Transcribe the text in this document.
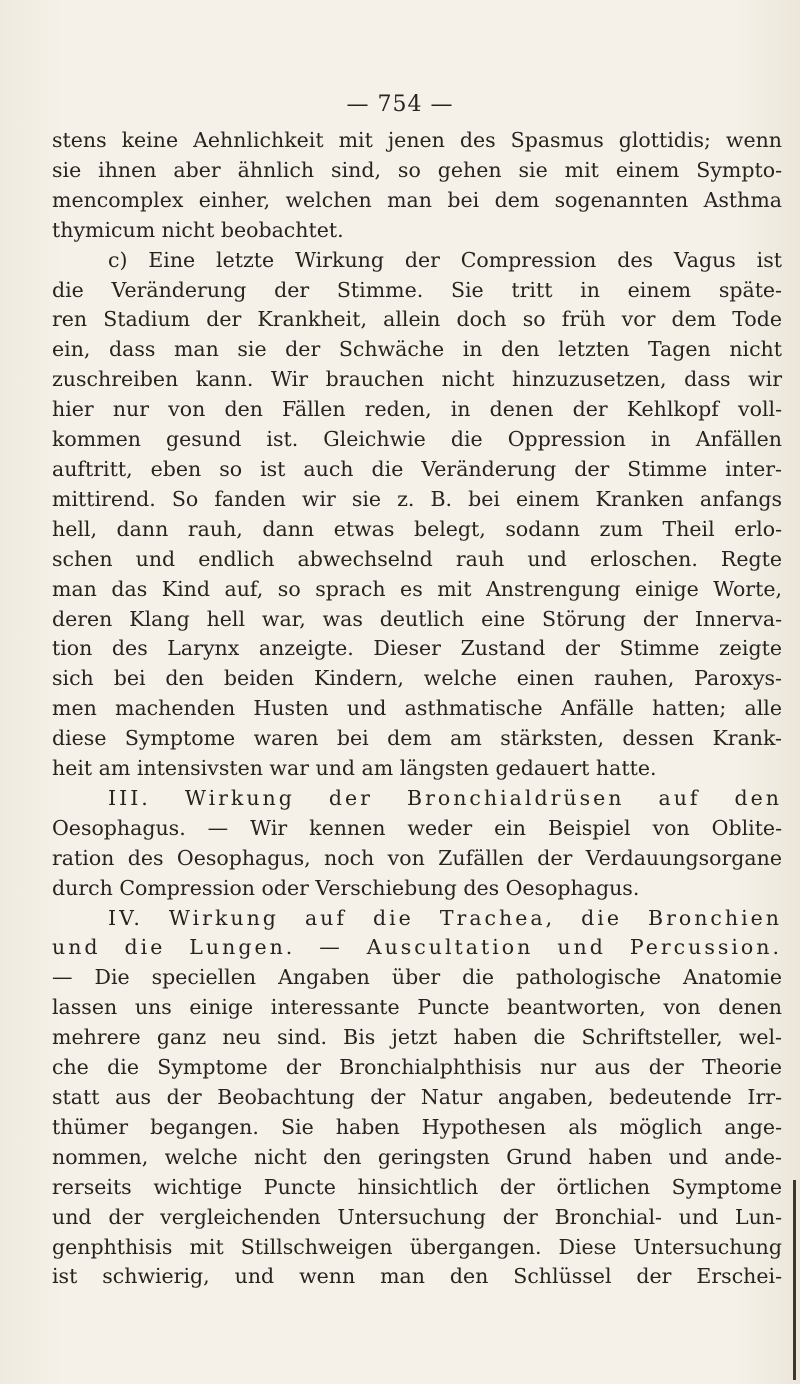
— 754 —
stens keine Aehnlichkeit mit jenen des Spasmus glottidis; wenn
sie ihnen aber ähnlich sind, so gehen sie mit einem Sympto-
mencomplex einher, welchen man bei dem sogenannten Asthma
thymicum nicht beobachtet.
c) Eine letzte Wirkung der Compression des Vagus ist
die Veränderung der Stimme. Sie tritt in einem späte-
ren Stadium der Krankheit, allein doch so früh vor dem Tode
ein, dass man sie der Schwäche in den letzten Tagen nicht
zuschreiben kann. Wir brauchen nicht hinzuzusetzen, dass wir
hier nur von den Fällen reden, in denen der Kehlkopf voll-
kommen gesund ist. Gleichwie die Oppression in Anfällen
auftritt, eben so ist auch die Veränderung der Stimme inter-
mittirend. So fanden wir sie z. B. bei einem Kranken anfangs
hell, dann rauh, dann etwas belegt, sodann zum Theil erlo-
schen und endlich abwechselnd rauh und erloschen. Regte
man das Kind auf, so sprach es mit Anstrengung einige Worte,
deren Klang hell war, was deutlich eine Störung der Innerva-
tion des Larynx anzeigte. Dieser Zustand der Stimme zeigte
sich bei den beiden Kindern, welche einen rauhen, Paroxys-
men machenden Husten und asthmatische Anfälle hatten; alle
diese Symptome waren bei dem am stärksten, dessen Krank-
heit am intensivsten war und am längsten gedauert hatte.
III. Wirkung der Bronchialdrüsen auf den
Oesophagus. — Wir kennen weder ein Beispiel von Oblite-
ration des Oesophagus, noch von Zufällen der Verdauungsorgane
durch Compression oder Verschiebung des Oesophagus.
IV. Wirkung auf die Trachea, die Bronchien
und die Lungen. — Auscultation und Percussion.
— Die speciellen Angaben über die pathologische Anatomie
lassen uns einige interessante Puncte beantworten, von denen
mehrere ganz neu sind. Bis jetzt haben die Schriftsteller, wel-
che die Symptome der Bronchialphthisis nur aus der Theorie
statt aus der Beobachtung der Natur angaben, bedeutende Irr-
thümer begangen. Sie haben Hypothesen als möglich ange-
nommen, welche nicht den geringsten Grund haben und ande-
rerseits wichtige Puncte hinsichtlich der örtlichen Symptome
und der vergleichenden Untersuchung der Bronchial- und Lun-
genphthisis mit Stillschweigen übergangen. Diese Untersuchung
ist schwierig, und wenn man den Schlüssel der Erschei-
